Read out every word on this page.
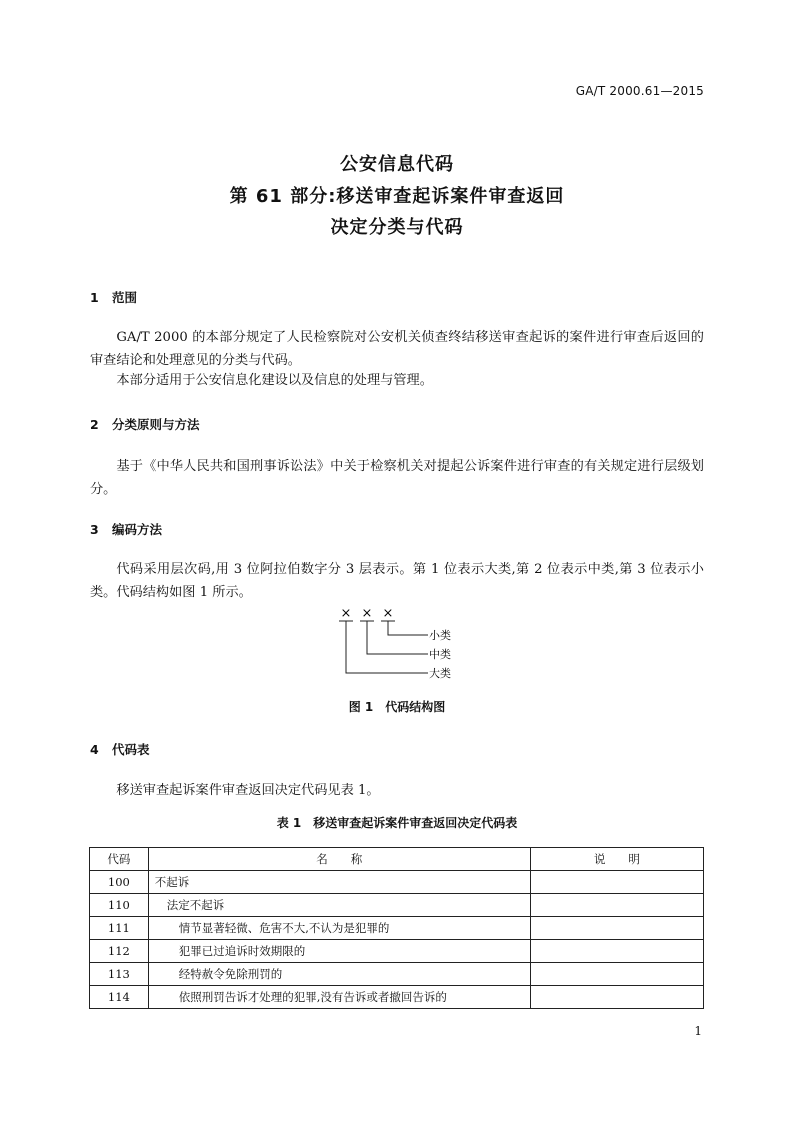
GA/T 2000.61—2015
公安信息代码
第 61 部分:移送审查起诉案件审查返回
决定分类与代码
1 范围

GA/T 2000 的本部分规定了人民检察院对公安机关侦查终结移送审查起诉的案件进行审查后返回的审查结论和处理意见的分类与代码。

本部分适用于公安信息化建设以及信息的处理与管理。

2 分类原则与方法

基于《中华人民共和国刑事诉讼法》中关于检察机关对提起公诉案件进行审查的有关规定进行层级划分。

3 编码方法

代码采用层次码,用 3 位阿拉伯数字分 3 层表示。第 1 位表示大类,第 2 位表示中类,第 3 位表示小类。代码结构如图 1 所示。

× × ×
小类
中类
大类
图 1　代码结构图
4 代码表

移送审查起诉案件审查返回决定代码见表 1。

表 1　移送审查起诉案件审查返回决定代码表
代码	名　　称	说　　明
100	不起诉	
110	法定不起诉	
111	情节显著轻微、危害不大,不认为是犯罪的	
112	犯罪已过追诉时效期限的	
113	经特赦令免除刑罚的	
114	依照刑罚告诉才处理的犯罪,没有告诉或者撤回告诉的	
1
